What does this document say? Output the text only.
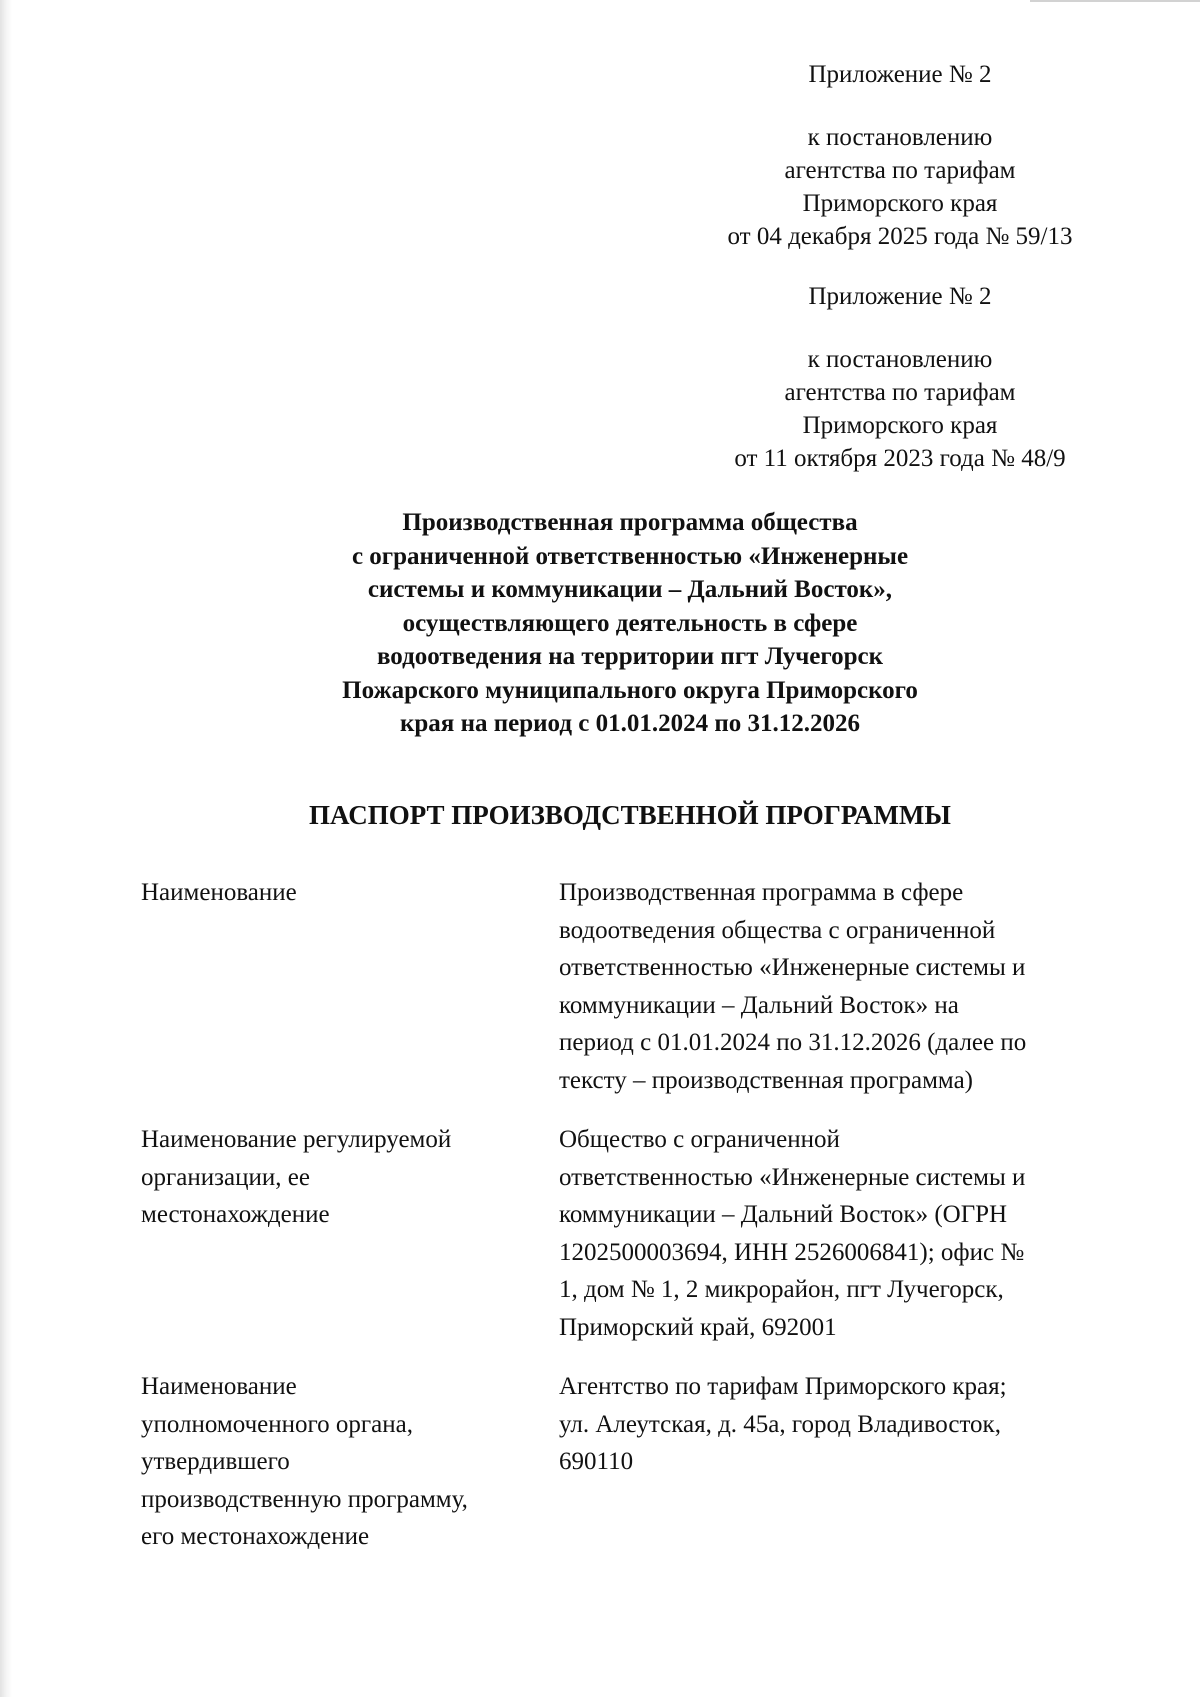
Приложение № 2

к постановлению

агентства по тарифам

Приморского края

от 04 декабря 2025 года № 59/13

Приложение № 2

к постановлению

агентства по тарифам

Приморского края

от 11 октября 2023 года № 48/9

Производственная программа общества
с ограниченной ответственностью «Инженерные
системы и коммуникации – Дальний Восток»,
осуществляющего деятельность в сфере
водоотведения на территории пгт Лучегорск
Пожарского муниципального округа Приморского
края на период с 01.01.2024 по 31.12.2026
ПАСПОРТ ПРОИЗВОДСТВЕННОЙ ПРОГРАММЫ
Наименование	Производственная программа в сфере
водоотведения общества с ограниченной
ответственностью «Инженерные системы и
коммуникации – Дальний Восток» на
период с 01.01.2024 по 31.12.2026 (далее по
тексту – производственная программа)
Наименование регулируемой
организации, ее
местонахождение
Общество с ограниченной
ответственностью «Инженерные системы и
коммуникации – Дальний Восток» (ОГРН
1202500003694, ИНН 2526006841); офис №
1, дом № 1, 2 микрорайон, пгт Лучегорск,
Приморский край, 692001
Наименование
уполномоченного органа,
утвердившего
производственную программу,
его местонахождение
Агентство по тарифам Приморского края;
ул. Алеутская, д. 45а, город Владивосток,
690110
